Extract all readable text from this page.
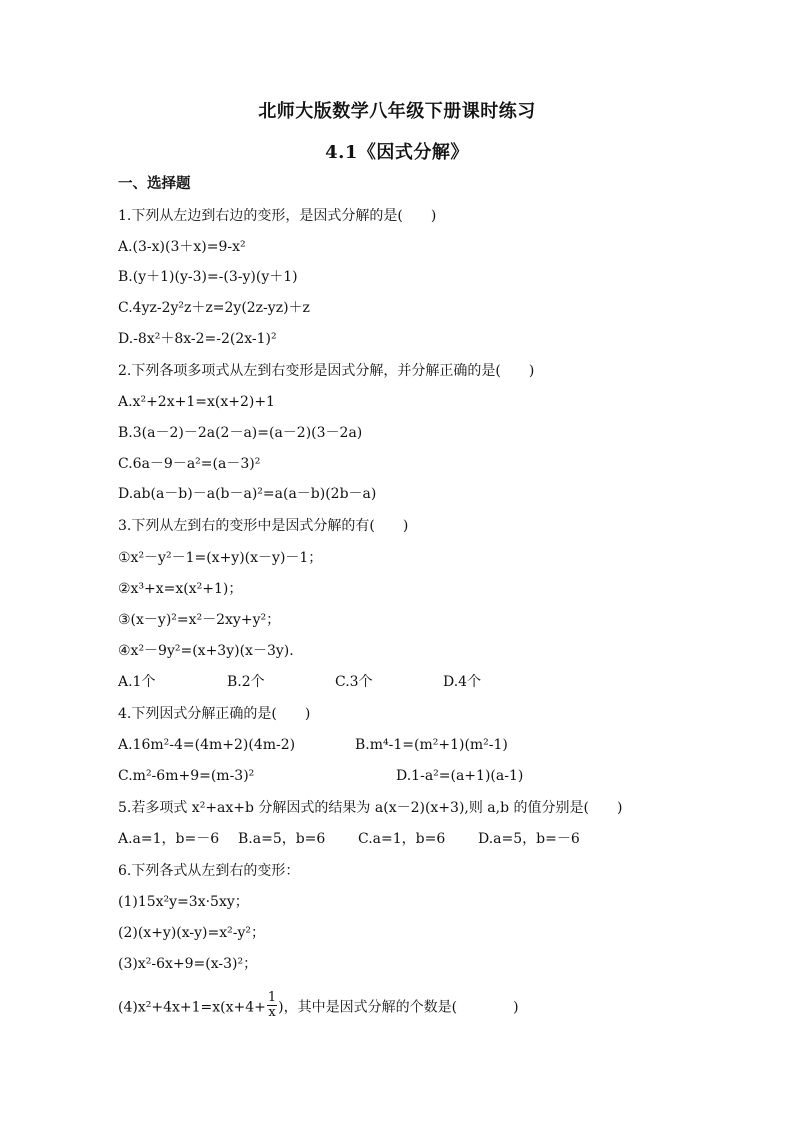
北师大版数学八年级下册课时练习
4.1《因式分解》
一、选择题
1.下列从左边到右边的变形，是因式分解的是(　　)
A.(3-x)(3＋x)=9-x²
B.(y＋1)(y-3)=-(3-y)(y＋1)
C.4yz-2y²z＋z=2y(2z-yz)＋z
D.-8x²＋8x-2=-2(2x-1)²
2.下列各项多项式从左到右变形是因式分解，并分解正确的是(　　)
A.x²+2x+1=x(x+2)+1
B.3(a－2)－2a(2－a)=(a－2)(3－2a)
C.6a－9－a²=(a－3)²
D.ab(a－b)－a(b－a)²=a(a－b)(2b－a)
3.下列从左到右的变形中是因式分解的有(　　)
①x²－y²－1=(x+y)(x－y)－1；
②x³+x=x(x²+1)；
③(x－y)²=x²－2xy+y²；
④x²－9y²=(x+3y)(x－3y).
A.1个	B.2个	C.3个	D.4个
4.下列因式分解正确的是(　　)
A.16m²-4=(4m+2)(4m-2)	B.m⁴-1=(m²+1)(m²-1)
C.m²-6m+9=(m-3)²	D.1-a²=(a+1)(a-1)
5.若多项式 x²+ax+b 分解因式的结果为 a(x－2)(x+3),则 a,b 的值分别是(　　)
A.a=1，b=－6 B.a=5，b=6 C.a=1，b=6 D.a=5，b=－6
6.下列各式从左到右的变形：
(1)15x²y=3x·5xy；
(2)(x+y)(x-y)=x²-y²；
(3)x²-6x+9=(x-3)²；
$(4)x^2+4x+1=x(x+4+ \frac{1}{x}$ )，其中是因式分解的个数是(　　　　)
